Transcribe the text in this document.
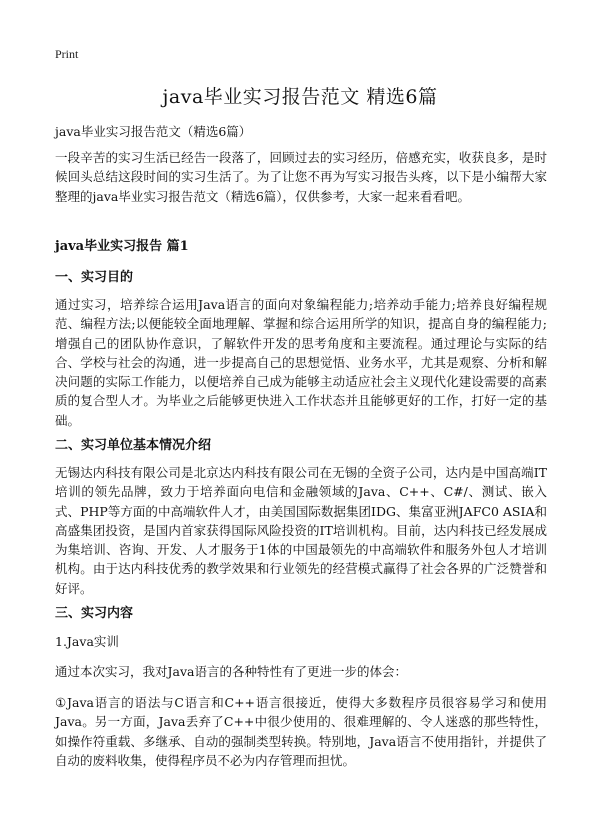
Print
java毕业实习报告范文 精选6篇
java毕业实习报告范文（精选6篇）

一段辛苦的实习生活已经告一段落了，回顾过去的实习经历，倍感充实，收获良多，是时候回头总结这段时间的实习生活了。为了让您不再为写实习报告头疼，以下是小编帮大家整理的java毕业实习报告范文（精选6篇），仅供参考，大家一起来看看吧。

java毕业实习报告 篇1
一、实习目的

通过实习，培养综合运用Java语言的面向对象编程能力;培养动手能力;培养良好编程规范、编程方法;以便能较全面地理解、掌握和综合运用所学的知识，提高自身的编程能力;增强自己的团队协作意识，了解软件开发的思考角度和主要流程。通过理论与实际的结合、学校与社会的沟通，进一步提高自己的思想觉悟、业务水平，尤其是观察、分析和解决问题的实际工作能力，以便培养自己成为能够主动适应社会主义现代化建设需要的高素质的复合型人才。为毕业之后能够更快进入工作状态并且能够更好的工作，打好一定的基础。

二、实习单位基本情况介绍

无锡达内科技有限公司是北京达内科技有限公司在无锡的全资子公司，达内是中国高端IT培训的领先品牌，致力于培养面向电信和金融领域的Java、C++、C#/、测试、嵌入式、PHP等方面的中高端软件人才，由美国国际数据集团IDG、集富亚洲JAFC0 ASIA和高盛集团投资，是国内首家获得国际风险投资的IT培训机构。目前，达内科技已经发展成为集培训、咨询、开发、人才服务于1体的中国最领先的中高端软件和服务外包人才培训机构。由于达内科技优秀的教学效果和行业领先的经营模式赢得了社会各界的广泛赞誉和好评。

三、实习内容
1.Java实训

通过本次实习，我对Java语言的各种特性有了更进一步的体会：

①Java语言的语法与C语言和C++语言很接近，使得大多数程序员很容易学习和使用Java。另一方面，Java丢弃了C++中很少使用的、很难理解的、令人迷惑的那些特性，如操作符重载、多继承、自动的强制类型转换。特别地，Java语言不使用指针，并提供了自动的废料收集，使得程序员不必为内存管理而担忧。
